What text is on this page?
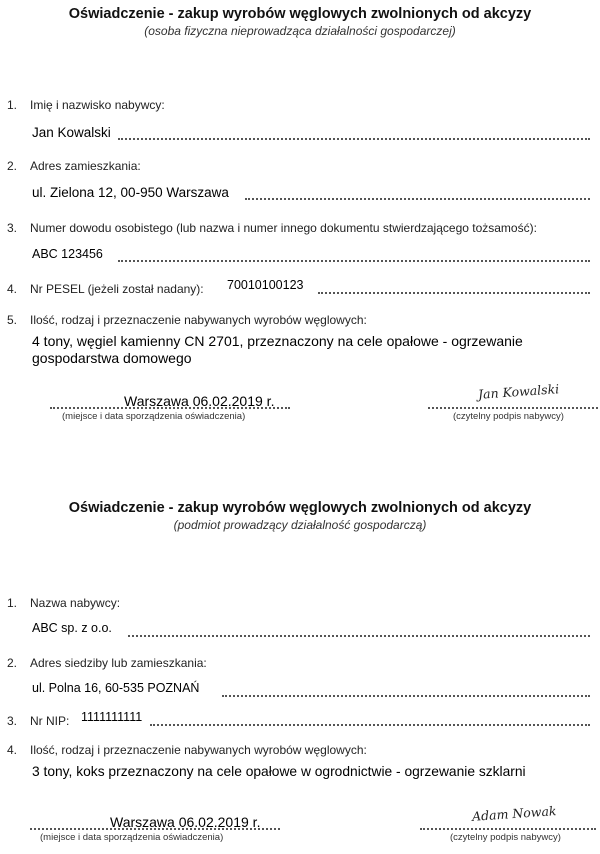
Oświadczenie - zakup wyrobów węglowych zwolnionych od akcyzy
(osoba fizyczna nieprowadząca działalności gospodarczej)
1. Imię i nazwisko nabywcy:
Jan Kowalski
2. Adres zamieszkania:
ul. Zielona 12, 00-950 Warszawa
3. Numer dowodu osobistego (lub nazwa i numer innego dokumentu stwierdzającego tożsamość):
ABC 123456
4. Nr PESEL (jeżeli został nadany): 70010100123
5. Ilość, rodzaj i przeznaczenie nabywanych wyrobów węglowych:
4 tony, węgiel kamienny CN 2701, przeznaczony na cele opałowe - ogrzewanie
gospodarstwa domowego
Warszawa 06.02.2019 r.
(miejsce i data sporządzenia oświadczenia)
Jan Kowalski
(czytelny podpis nabywcy)
Oświadczenie - zakup wyrobów węglowych zwolnionych od akcyzy
(podmiot prowadzący działalność gospodarczą)
1. Nazwa nabywcy:
ABC sp. z o.o.
2. Adres siedziby lub zamieszkania:
ul. Polna 16, 60-535 POZNAŃ
3. Nr NIP: 1111111111
4. Ilość, rodzaj i przeznaczenie nabywanych wyrobów węglowych:
3 tony, koks przeznaczony na cele opałowe w ogrodnictwie - ogrzewanie szklarni
Warszawa 06.02.2019 r.
(miejsce i data sporządzenia oświadczenia)
Adam Nowak
(czytelny podpis nabywcy)
